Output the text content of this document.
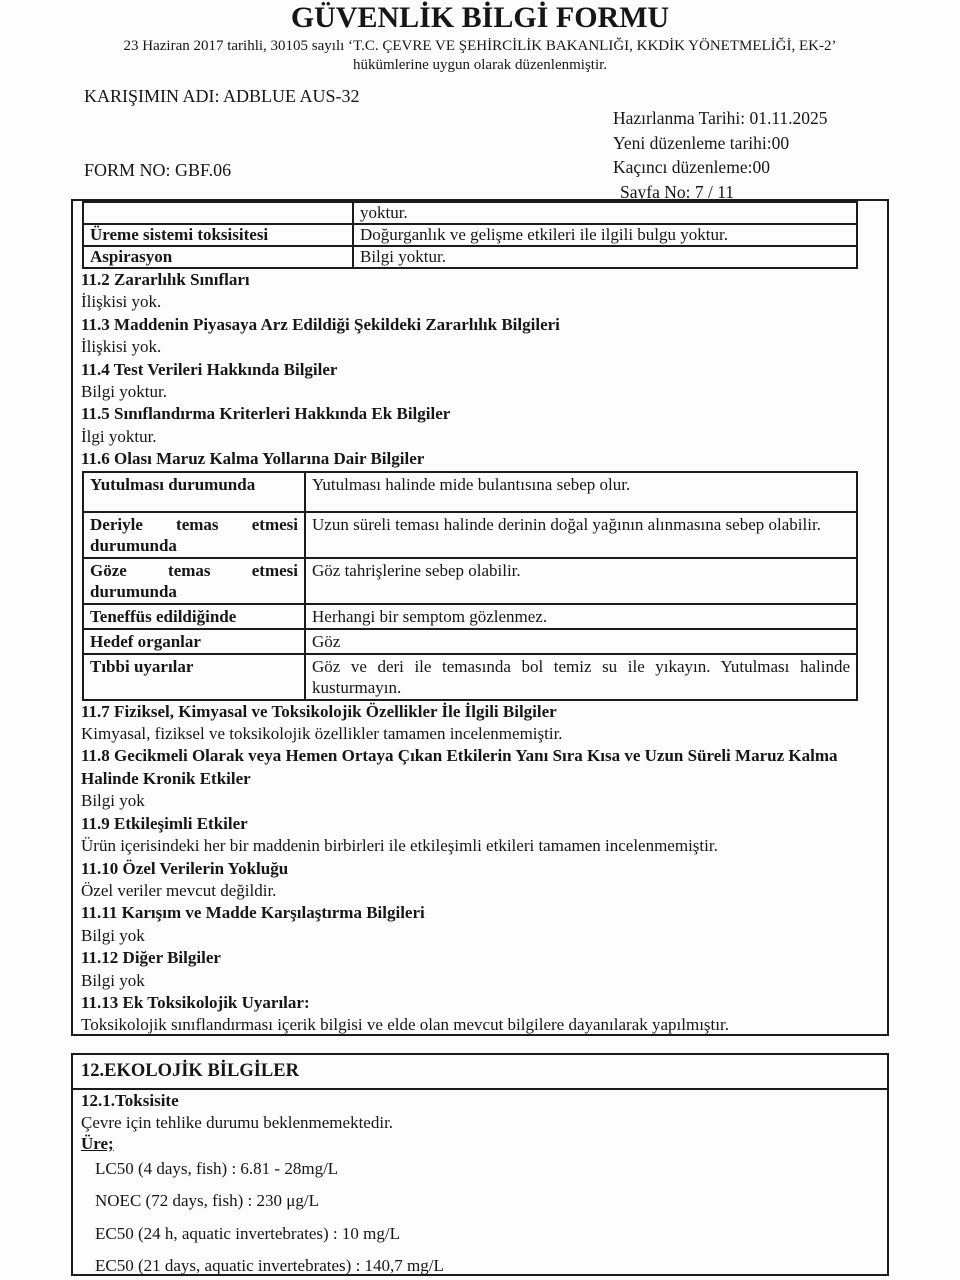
GÜVENLİK BİLGİ FORMU
23 Haziran 2017 tarihli, 30105 sayılı ‘T.C. ÇEVRE VE ŞEHİRCİLİK BAKANLIĞI, KKDİK YÖNETMELİĞİ, EK-2’
hükümlerine uygun olarak düzenlenmiştir.
KARIŞIMIN ADI: ADBLUE AUS-32
FORM NO: GBF.06
Hazırlanma Tarihi: 01.11.2025
Yeni düzenleme tarihi:00
Kaçıncı düzenleme:00
Sayfa No: 7 / 11
	yoktur.
Üreme sistemi toksisitesi	Doğurganlık ve gelişme etkileri ile ilgili bulgu yoktur.
Aspirasyon	Bilgi yoktur.
11.2 Zararlılık Sınıfları
İlişkisi yok.
11.3 Maddenin Piyasaya Arz Edildiği Şekildeki Zararlılık Bilgileri
İlişkisi yok.
11.4 Test Verileri Hakkında Bilgiler
Bilgi yoktur.
11.5 Sınıflandırma Kriterleri Hakkında Ek Bilgiler
İlgi yoktur.
11.6 Olası Maruz Kalma Yollarına Dair Bilgiler
Yutulması durumunda	Yutulması halinde mide bulantısına sebep olur.
Deriyle temas etmesi durumunda	Uzun süreli teması halinde derinin doğal yağının alınmasına sebep olabilir.
Göze temas etmesi durumunda	Göz tahrişlerine sebep olabilir.
Teneffüs edildiğinde	Herhangi bir semptom gözlenmez.
Hedef organlar	Göz
Tıbbi uyarılar	Göz ve deri ile temasında bol temiz su ile yıkayın. Yutulması halinde kusturmayın.
11.7 Fiziksel, Kimyasal ve Toksikolojik Özellikler İle İlgili Bilgiler
Kimyasal, fiziksel ve toksikolojik özellikler tamamen incelenmemiştir.
11.8 Gecikmeli Olarak veya Hemen Ortaya Çıkan Etkilerin Yanı Sıra Kısa ve Uzun Süreli Maruz Kalma Halinde Kronik Etkiler
Bilgi yok
11.9 Etkileşimli Etkiler
Ürün içerisindeki her bir maddenin birbirleri ile etkileşimli etkileri tamamen incelenmemiştir.
11.10 Özel Verilerin Yokluğu
Özel veriler mevcut değildir.
11.11 Karışım ve Madde Karşılaştırma Bilgileri
Bilgi yok
11.12 Diğer Bilgiler
Bilgi yok
11.13 Ek Toksikolojik Uyarılar:
Toksikolojik sınıflandırması içerik bilgisi ve elde olan mevcut bilgilere dayanılarak yapılmıştır.
12.EKOLOJİK BİLGİLER
12.1.Toksisite
Çevre için tehlike durumu beklenmemektedir.
Üre;
LC50 (4 days, fish) : 6.81 - 28mg/L
NOEC (72 days, fish) : 230 μg/L
EC50 (24 h, aquatic invertebrates) : 10 mg/L
EC50 (21 days, aquatic invertebrates) : 140,7 mg/L
